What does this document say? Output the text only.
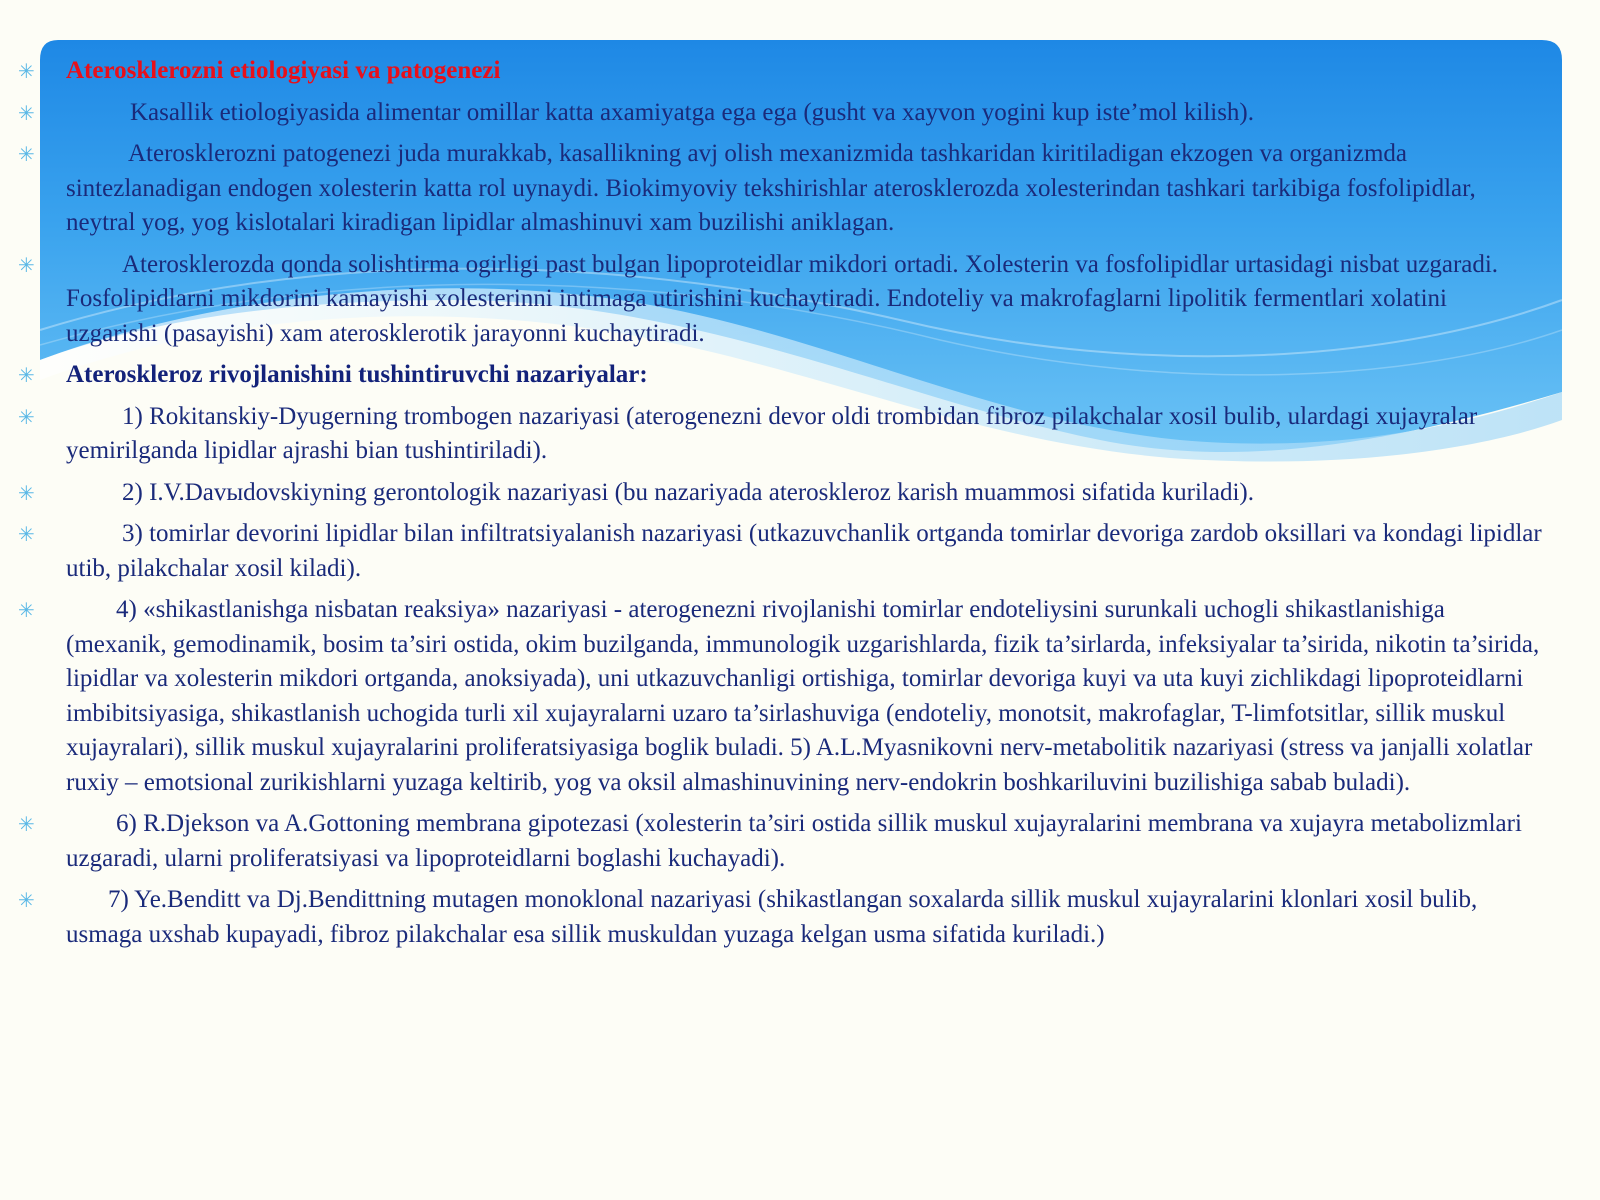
✳	Aterosklerozni etiologiyasi va patogenezi
✳	Kasallik etiologiyasida alimentar omillar katta axamiyatga ega ega (gusht va xayvon yogini kup iste’mol kilish).
✳	Aterosklerozni patogenezi juda murakkab, kasallikning avj olish mexanizmida tashkaridan kiritiladigan ekzogen va organizmda sintezlanadigan endogen xolesterin katta rol uynaydi. Biokimyoviy tekshirishlar aterosklerozda xolesterindan tashkari tarkibiga fosfolipidlar, neytral yog, yog kislotalari kiradigan lipidlar almashinuvi xam buzilishi aniklagan.
✳	Aterosklerozda qonda solishtirma ogirligi past bulgan lipoproteidlar mikdori ortadi. Xolesterin va fosfolipidlar urtasidagi nisbat uzgaradi. Fosfolipidlarni mikdorini kamayishi xolesterinni intimaga utirishini kuchaytiradi. Endoteliy va makrofaglarni lipolitik fermentlari xolatini uzgarishi (pasayishi) xam aterosklerotik jarayonni kuchaytiradi.
✳	Ateroskleroz rivojlanishini tushintiruvchi nazariyalar:
✳	1) Rokitanskiy-Dyugerning trombogen nazariyasi (aterogenezni devor oldi trombidan fibroz pilakchalar xosil bulib, ulardagi xujayralar yemirilganda lipidlar ajrashi bian tushintiriladi).
✳	2) I.V.Davыdovskiyning gerontologik nazariyasi (bu nazariyada ateroskleroz karish muammosi sifatida kuriladi).
✳	3) tomirlar devorini lipidlar bilan infiltratsiyalanish nazariyasi (utkazuvchanlik ortganda tomirlar devoriga zardob oksillari va kondagi lipidlar utib, pilakchalar xosil kiladi).
✳	4) «shikastlanishga nisbatan reaksiya» nazariyasi - aterogenezni rivojlanishi tomirlar endoteliysini surunkali uchogli shikastlanishiga (mexanik, gemodinamik, bosim ta’siri ostida, okim buzilganda, immunologik uzgarishlarda, fizik ta’sirlarda, infeksiyalar ta’sirida, nikotin ta’sirida, lipidlar va xolesterin mikdori ortganda, anoksiyada), uni utkazuvchanligi ortishiga, tomirlar devoriga kuyi va uta kuyi zichlikdagi lipoproteidlarni imbibitsiyasiga, shikastlanish uchogida turli xil xujayralarni uzaro ta’sirlashuviga (endoteliy, monotsit, makrofaglar, T-limfotsitlar, sillik muskul xujayralari), sillik muskul xujayralarini proliferatsiyasiga boglik buladi. 5) A.L.Myasnikovni nerv-metabolitik nazariyasi (stress va janjalli xolatlar ruxiy – emotsional zurikishlarni yuzaga keltirib, yog va oksil almashinuvining nerv-endokrin boshkariluvini buzilishiga sabab buladi).
✳	6) R.Djekson va A.Gottoning membrana gipotezasi (xolesterin ta’siri ostida sillik muskul xujayralarini membrana va xujayra metabolizmlari uzgaradi, ularni proliferatsiyasi va lipoproteidlarni boglashi kuchayadi).
✳	7) Ye.Benditt va Dj.Bendittning mutagen monoklonal nazariyasi (shikastlangan soxalarda sillik muskul xujayralarini klonlari xosil bulib, usmaga uxshab kupayadi, fibroz pilakchalar esa sillik muskuldan yuzaga kelgan usma sifatida kuriladi.)
